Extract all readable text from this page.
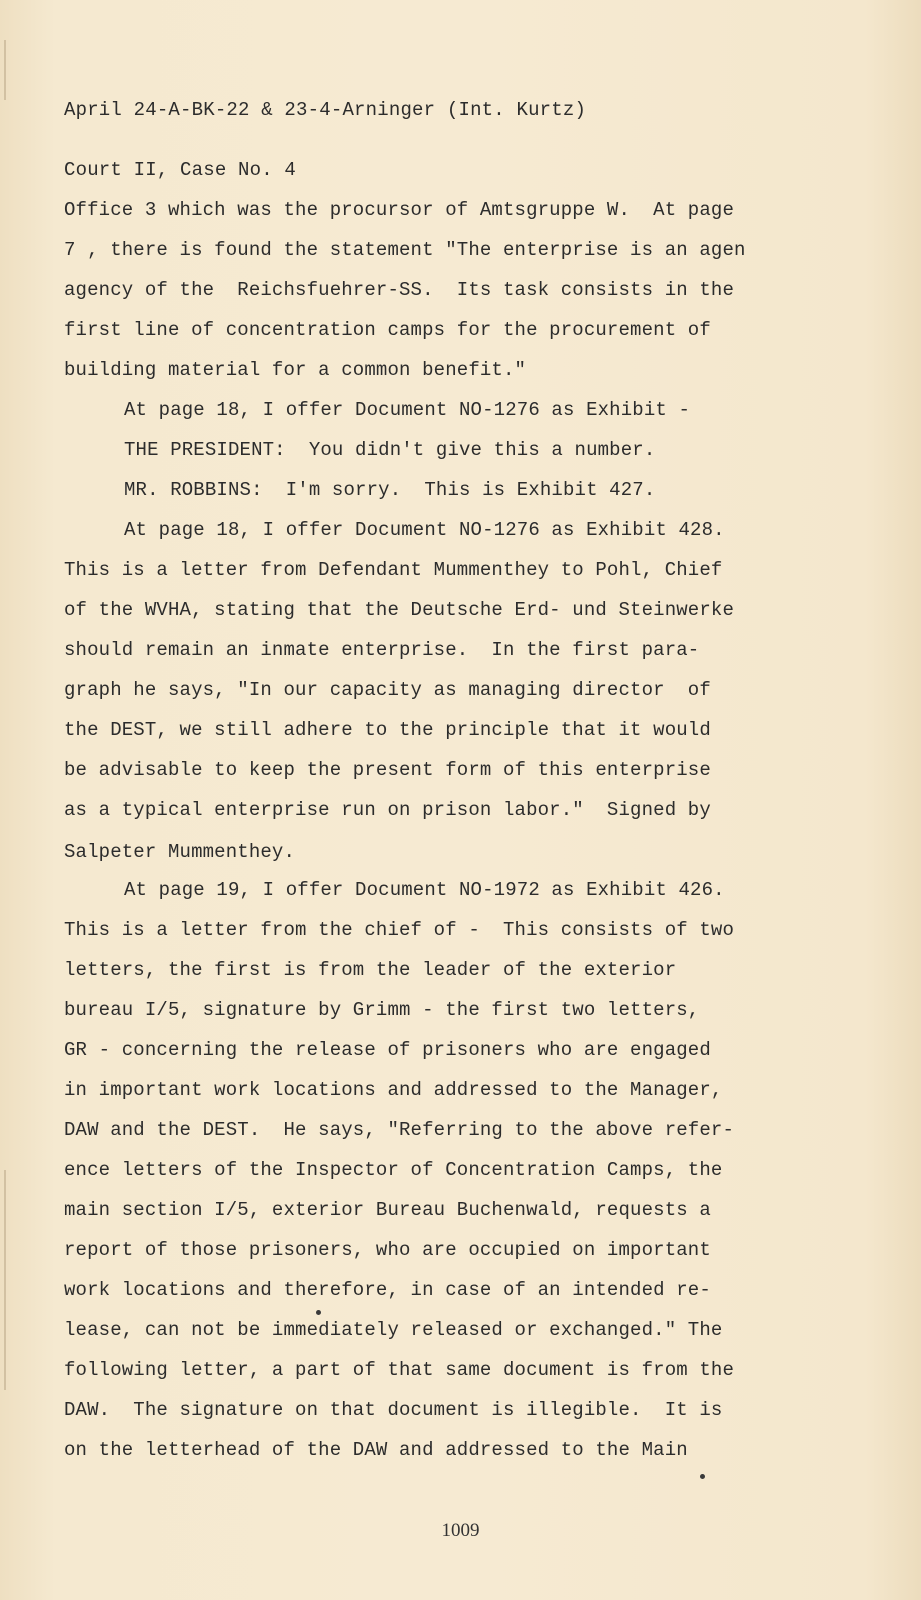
April 24-A-BK-22 & 23-4-Arninger (Int. Kurtz)

Court II, Case No. 4

Office 3 which was the procursor of Amtsgruppe W.  At page
7 , there is found the statement "The enterprise is an agen
agency of the  Reichsfuehrer-SS.  Its task consists in the
first line of concentration camps for the procurement of
building material for a common benefit."
At page 18, I offer Document NO-1276 as Exhibit -
THE PRESIDENT:  You didn't give this a number.
MR. ROBBINS:  I'm sorry.  This is Exhibit 427.
At page 18, I offer Document NO-1276 as Exhibit 428.
This is a letter from Defendant Mummenthey to Pohl, Chief
of the WVHA, stating that the Deutsche Erd- und Steinwerke
should remain an inmate enterprise.  In the first para-
graph he says, "In our capacity as managing director  of
the DEST, we still adhere to the principle that it would
be advisable to keep the present form of this enterprise
as a typical enterprise run on prison labor."  Signed by
Salpeter Mummenthey.
At page 19, I offer Document NO-1972 as Exhibit 426.
This is a letter from the chief of -  This consists of two
letters, the first is from the leader of the exterior
bureau I/5, signature by Grimm - the first two letters,
GR - concerning the release of prisoners who are engaged
in important work locations and addressed to the Manager,
DAW and the DEST.  He says, "Referring to the above refer-
ence letters of the Inspector of Concentration Camps, the
main section I/5, exterior Bureau Buchenwald, requests a
report of those prisoners, who are occupied on important
work locations and therefore, in case of an intended re-
lease, can not be immediately released or exchanged." The
following letter, a part of that same document is from the
DAW.  The signature on that document is illegible.  It is
on the letterhead of the DAW and addressed to the Main
1009
